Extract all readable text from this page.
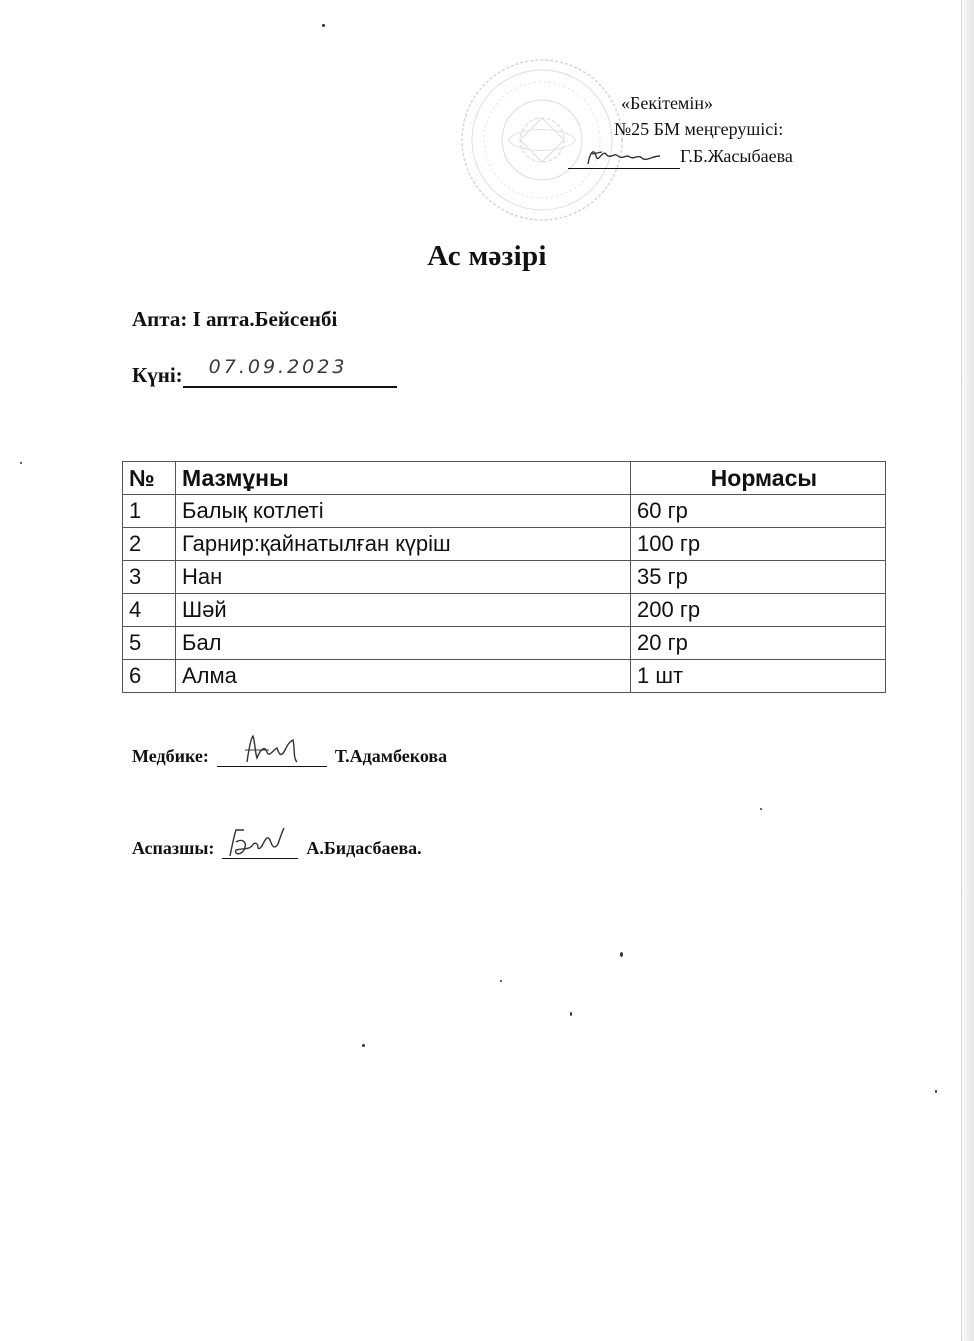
«Бекітемін»
№25 БМ меңгерушісі:
Г.Б.Жасыбаева
Ас мәзірі
Апта: I апта.Бейсенбі
Күні: 07.09.2023
№	Мазмұны	Нормасы
1	Балық котлеті	60 гр
2	Гарнир:қайнатылған күріш	100 гр
3	Нан	35 гр
4	Шәй	200 гр
5	Бал	20 гр
6	Алма	1 шт
Медбике:	Т.Адамбекова
Аспазшы:	А.Бидасбаева.
